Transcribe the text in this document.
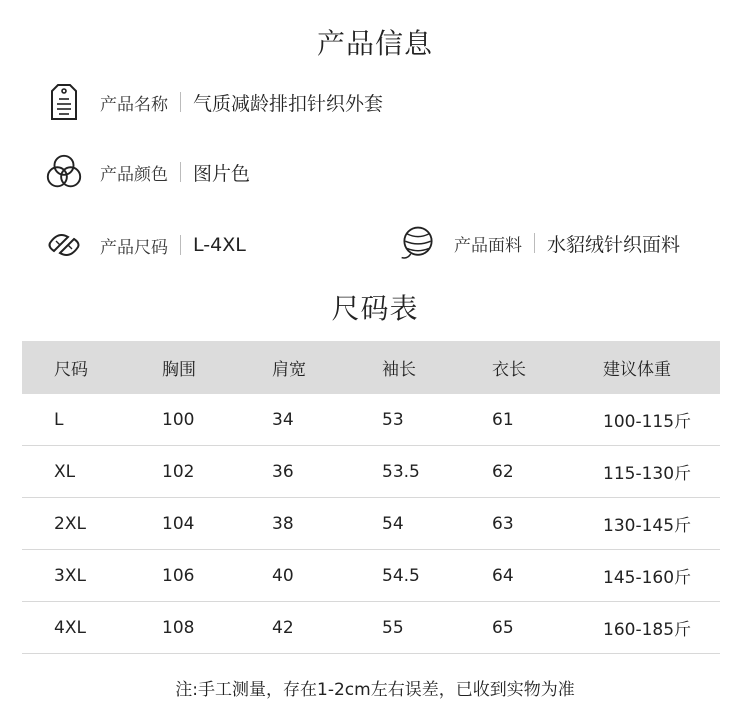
产品信息
产品名称 气质减龄排扣针织外套
产品颜色 图片色
产品尺码 L-4XL	产品面料 水貂绒针织面料
尺码表
尺码	胸围	肩宽	袖长	衣长	建议体重
L	100	34	53	61	100-115斤
XL	102	36	53.5	62	115-130斤
2XL	104	38	54	63	130-145斤
3XL	106	40	54.5	64	145-160斤
4XL	108	42	55	65	160-185斤
注:手工测量，存在1-2cm左右误差，已收到实物为准
